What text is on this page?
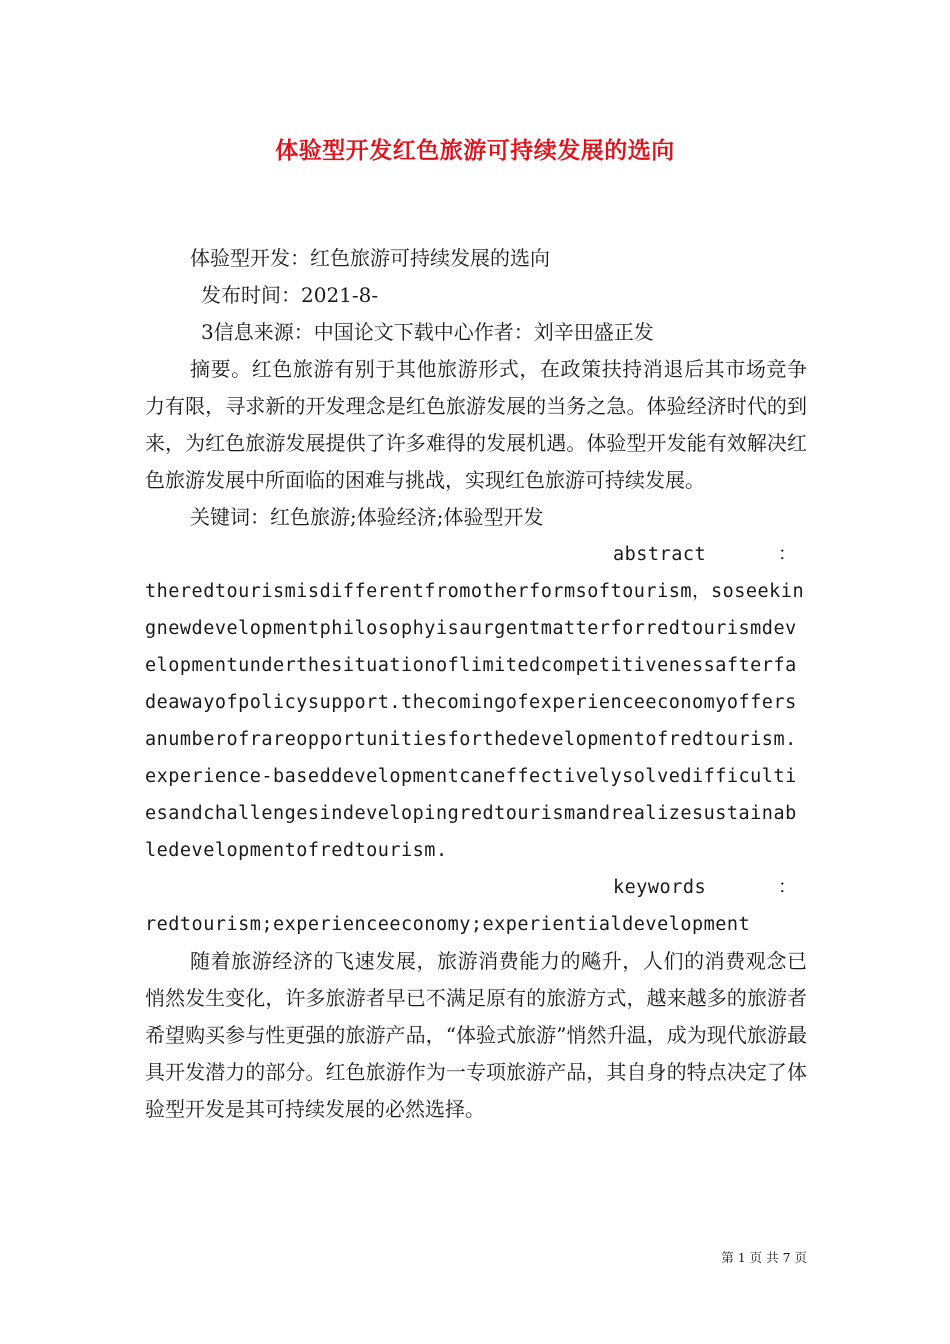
体验型开发红色旅游可持续发展的选向

体验型开发：红色旅游可持续发展的选向

发布时间：2021-8-

3信息来源：中国论文下载中心作者：刘辛田盛正发

摘要。红色旅游有别于其他旅游形式，在政策扶持消退后其市场竞争力有限，寻求新的开发理念是红色旅游发展的当务之急。体验经济时代的到来，为红色旅游发展提供了许多难得的发展机遇。体验型开发能有效解决红色旅游发展中所面临的困难与挑战，实现红色旅游可持续发展。

关键词：红色旅游;体验经济;体验型开发

abstract	：

theredtourismisdifferentfromotherformsoftourism，soseekingnewdevelopmentphilosophyisaurgentmatterforredtourismdevelopmentunderthesituationoflimitedcompetitivenessafterfadeawayofpolicysupport.thecomingofexperienceeconomyoffersanumberofrareopportunitiesforthedevelopmentofredtourism.experience-baseddevelopmentcaneffectivelysolvedifficultiesandchallengesindevelopingredtourismandrealizesustainabledevelopmentofredtourism.

keywords	：

redtourism;experienceeconomy;experientialdevelopment

随着旅游经济的飞速发展，旅游消费能力的飚升，人们的消费观念已悄然发生变化，许多旅游者早已不满足原有的旅游方式，越来越多的旅游者希望购买参与性更强的旅游产品，“体验式旅游”悄然升温，成为现代旅游最具开发潜力的部分。红色旅游作为一专项旅游产品，其自身的特点决定了体验型开发是其可持续发展的必然选择。

第 1 页 共 7 页
